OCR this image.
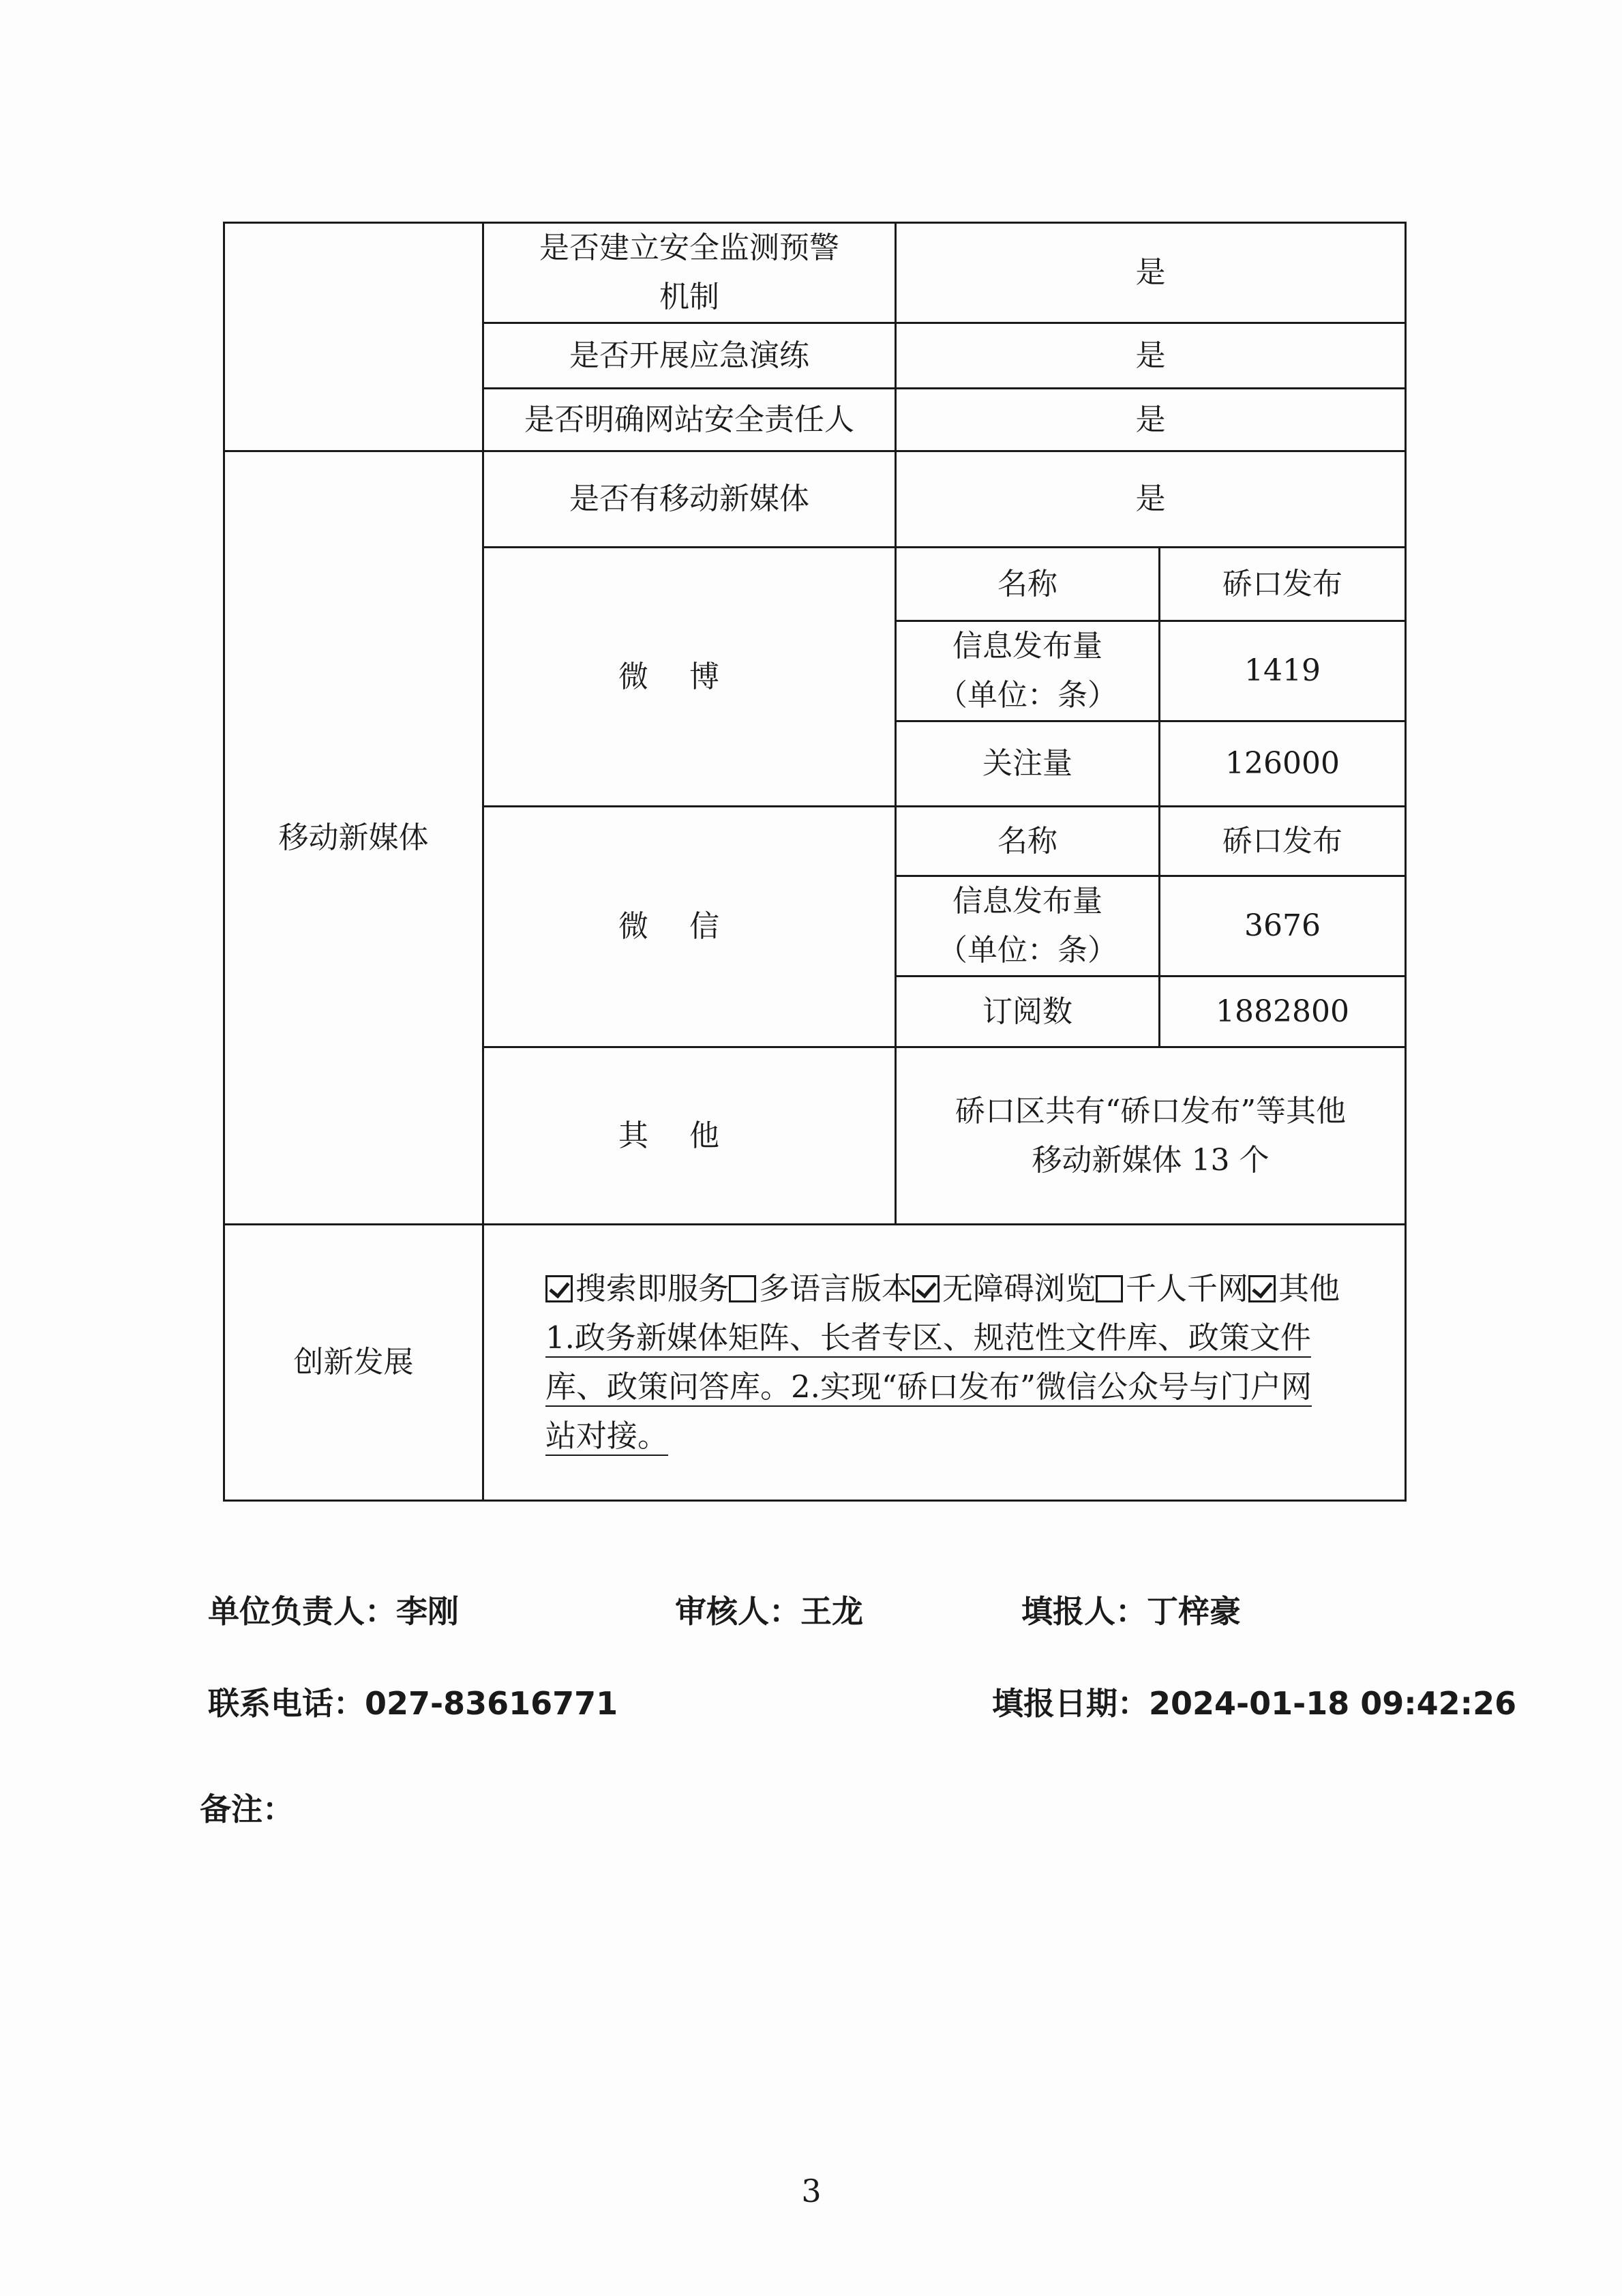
	是否建立安全监测预警
机制	是	
	是否开展应急演练	是	
	是否明确网站安全责任人	是	
移动新媒体	是否有移动新媒体	是	
	微博	名称	硚口发布

		信息发布量
（单位：条）	1419
		关注量	126000
	微信	名称	硚口发布

		信息发布量
（单位：条）	3676
		订阅数	1882800
	其他	硚口区共有“硚口发布”等其他
移动新媒体 13 个	

创新发展	搜索即服务 多语言版本 无障碍浏览 千人千网 其他
1.政务新媒体矩阵、长者专区、规范性文件库、政策文件
库、政策问答库。2.实现“硚口发布”微信公众号与门户网
站对接。		
单位负责人：李刚	审核人：王龙	填报人：丁梓豪
联系电话：027-83616771	填报日期：2024-01-18 09:42:26
备注：
3
